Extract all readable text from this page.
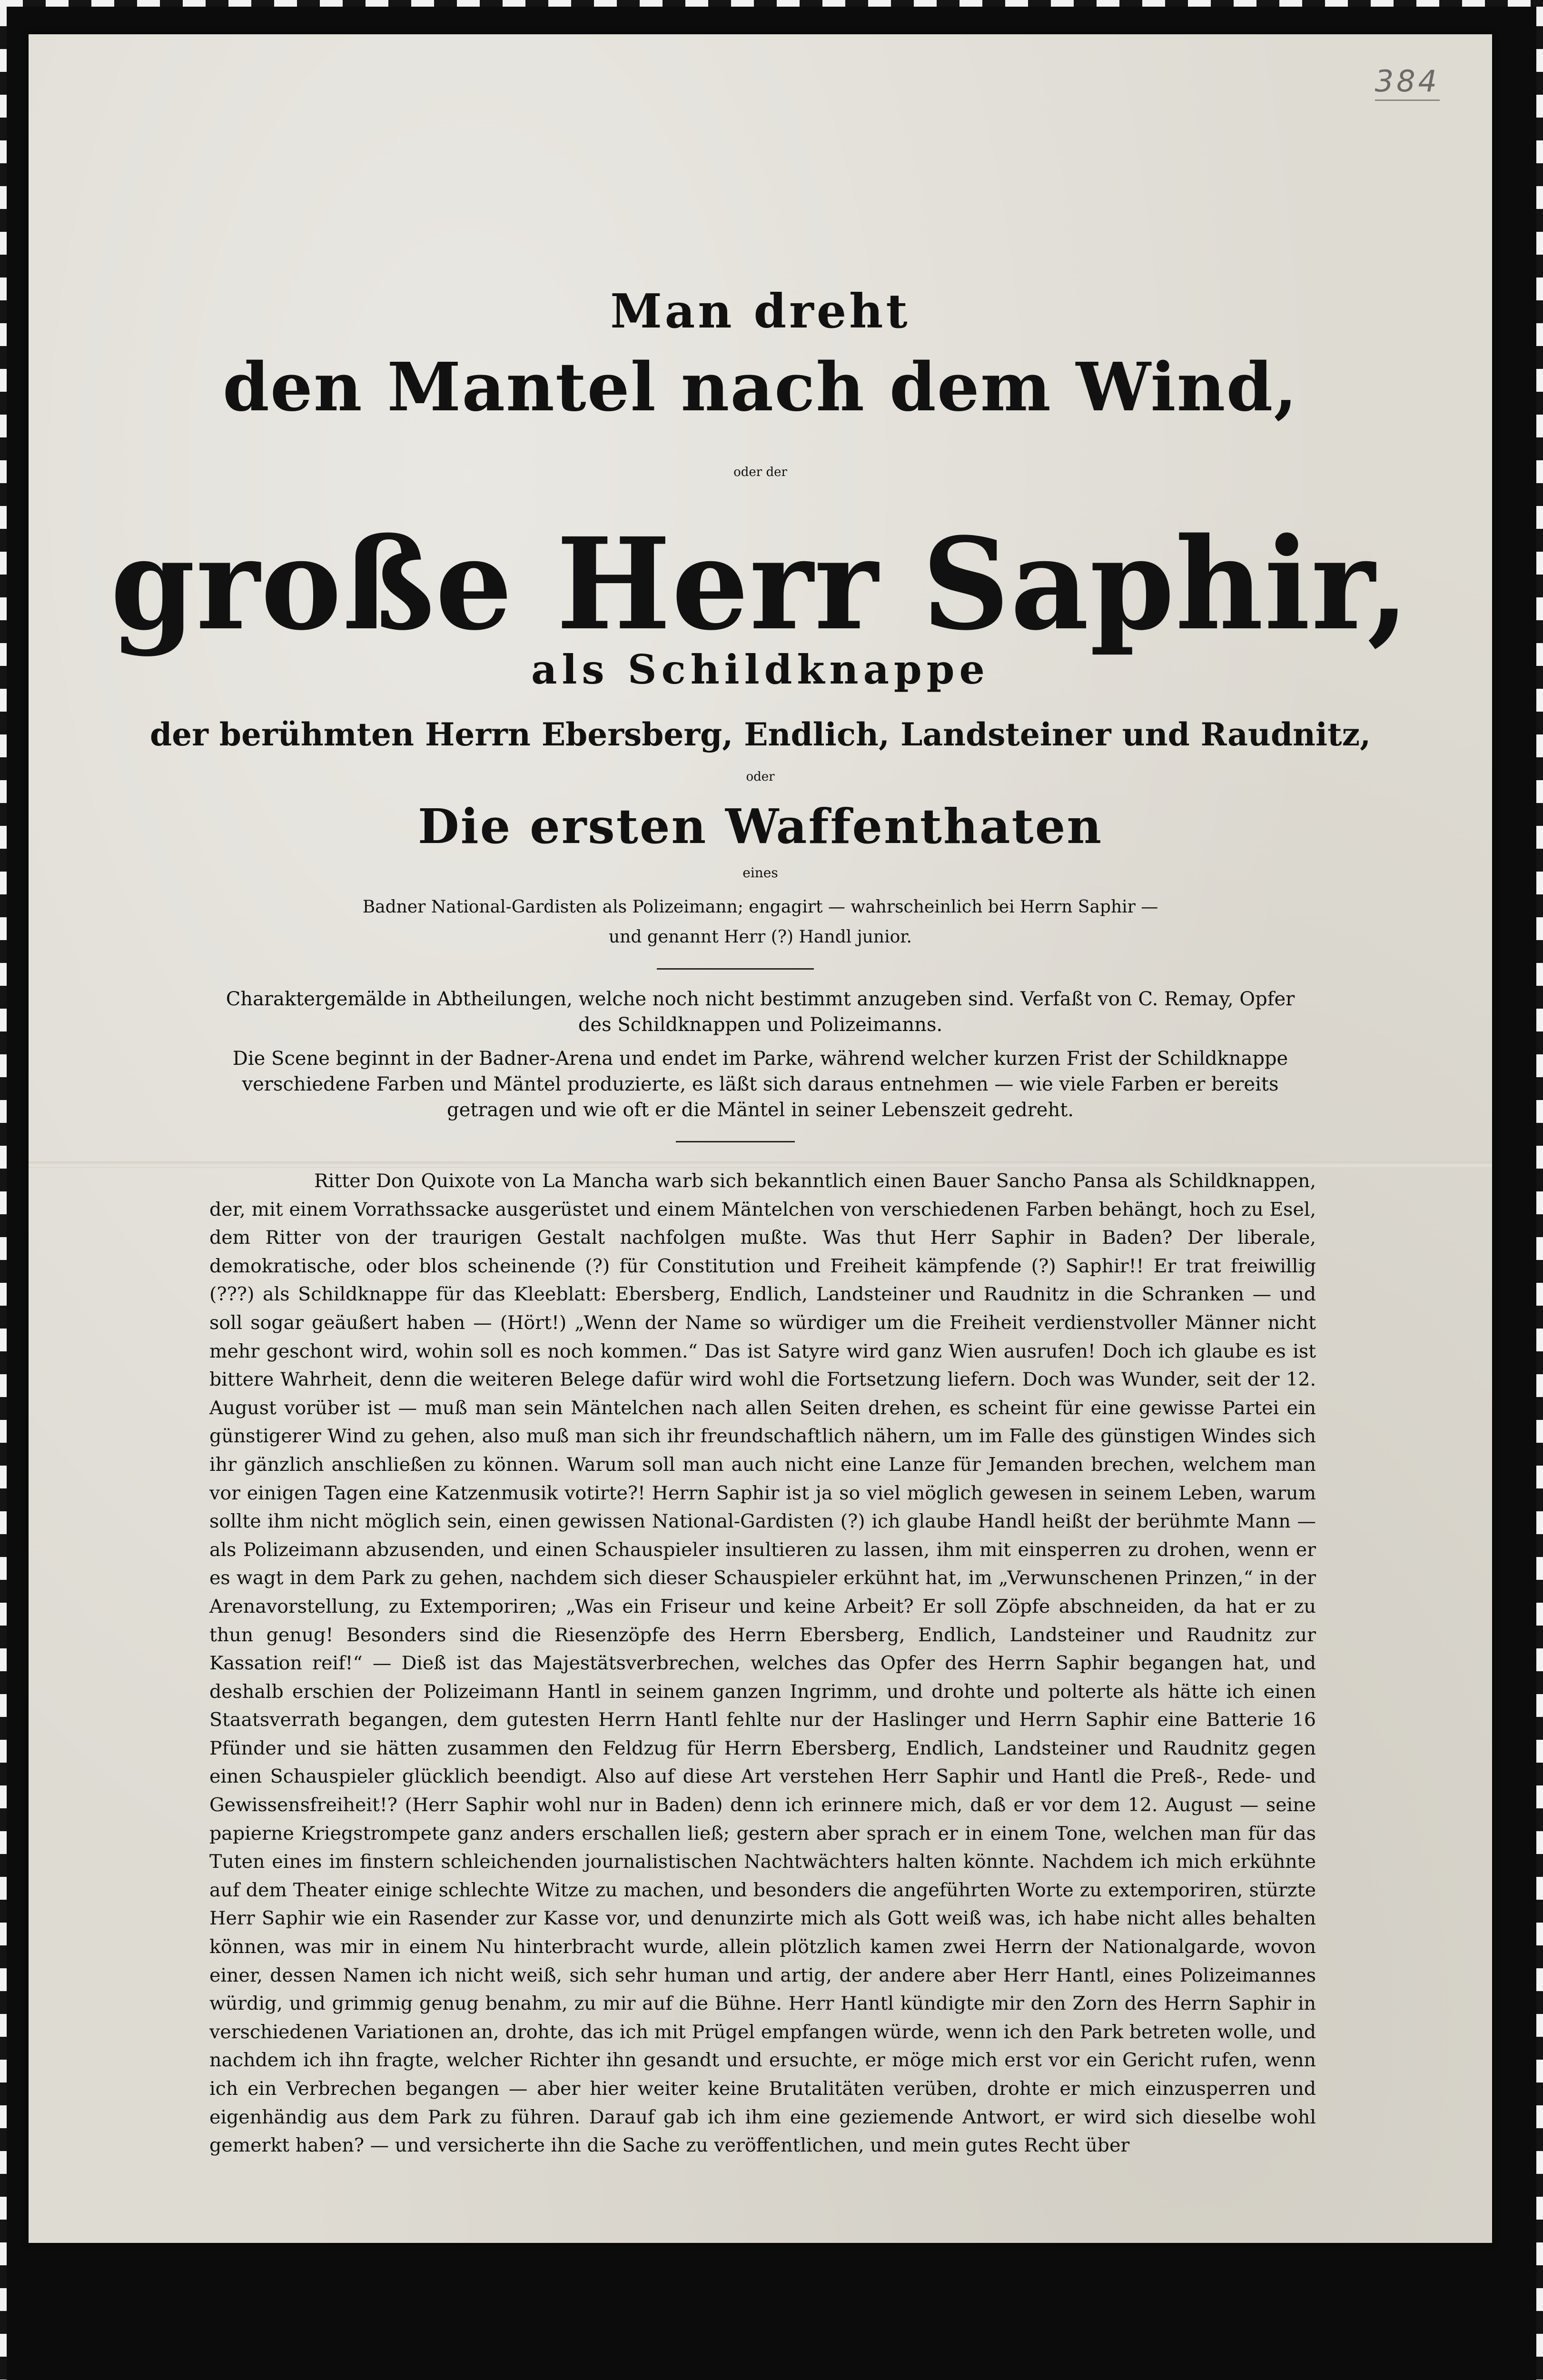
384
Man dreht
den Mantel nach dem Wind,
oder der
große Herr Saphir,
als Schildknappe
der berühmten Herrn Ebersberg, Endlich, Landsteiner und Raudnitz,
oder
Die ersten Waffenthaten
eines
Badner National-Gardisten als Polizeimann; engagirt — wahrscheinlich bei Herrn Saphir —
und genannt Herr (?) Handl junior.
Charaktergemälde in Abtheilungen, welche noch nicht bestimmt anzugeben sind. Verfaßt von C. Remay, Opfer des Schildknappen und Polizeimanns.
Die Scene beginnt in der Badner-Arena und endet im Parke, während welcher kurzen Frist der Schildknappe verschiedene Farben und Mäntel produzierte, es läßt sich daraus entnehmen — wie viele Farben er bereits getragen und wie oft er die Mäntel in seiner Lebenszeit gedreht.

Ritter Don Quixote von La Mancha warb sich bekanntlich einen Bauer Sancho Pansa als Schildknappen, der, mit einem Vorrathssacke ausgerüstet und einem Mäntelchen von verschiedenen Farben behängt, hoch zu Esel, dem Ritter von der traurigen Gestalt nachfolgen mußte. Was thut Herr Saphir in Baden? Der liberale, demokratische, oder blos scheinende (?) für Constitution und Freiheit kämpfende (?) Saphir!! Er trat freiwillig (???) als Schildknappe für das Kleeblatt: Ebersberg, Endlich, Landsteiner und Raudnitz in die Schranken — und soll sogar geäußert haben — (Hört!) „Wenn der Name so würdiger um die Freiheit verdienstvoller Männer nicht mehr geschont wird, wohin soll es noch kommen.“ Das ist Satyre wird ganz Wien ausrufen! Doch ich glaube es ist bittere Wahrheit, denn die weiteren Belege dafür wird wohl die Fortsetzung liefern. Doch was Wunder, seit der 12. August vorüber ist — muß man sein Mäntelchen nach allen Seiten drehen, es scheint für eine gewisse Partei ein günstigerer Wind zu gehen, also muß man sich ihr freundschaftlich nähern, um im Falle des günstigen Windes sich ihr gänzlich anschließen zu können. Warum soll man auch nicht eine Lanze für Jemanden brechen, welchem man vor einigen Tagen eine Katzenmusik votirte?! Herrn Saphir ist ja so viel möglich gewesen in seinem Leben, warum sollte ihm nicht möglich sein, einen gewissen National-Gardisten (?) ich glaube Handl heißt der berühmte Mann — als Polizeimann abzusenden, und einen Schauspieler insultieren zu lassen, ihm mit einsperren zu drohen, wenn er es wagt in dem Park zu gehen, nachdem sich dieser Schauspieler erkühnt hat, im „Verwunschenen Prinzen,“ in der Arenavorstellung, zu Extemporiren; „Was ein Friseur und keine Arbeit? Er soll Zöpfe abschneiden, da hat er zu thun genug! Besonders sind die Riesenzöpfe des Herrn Ebersberg, Endlich, Landsteiner und Raudnitz zur Kassation reif!“ — Dieß ist das Majestätsverbrechen, welches das Opfer des Herrn Saphir begangen hat, und deshalb erschien der Polizeimann Hantl in seinem ganzen Ingrimm, und drohte und polterte als hätte ich einen Staatsverrath begangen, dem gutesten Herrn Hantl fehlte nur der Haslinger und Herrn Saphir eine Batterie 16 Pfünder und sie hätten zusammen den Feldzug für Herrn Ebersberg, Endlich, Landsteiner und Raudnitz gegen einen Schauspieler glücklich beendigt. Also auf diese Art verstehen Herr Saphir und Hantl die Preß-, Rede- und Gewissensfreiheit!? (Herr Saphir wohl nur in Baden) denn ich erinnere mich, daß er vor dem 12. August — seine papierne Kriegstrompete ganz anders erschallen ließ; gestern aber sprach er in einem Tone, welchen man für das Tuten eines im finstern schleichenden journalistischen Nachtwächters halten könnte. Nachdem ich mich erkühnte auf dem Theater einige schlechte Witze zu machen, und besonders die angeführten Worte zu extemporiren, stürzte Herr Saphir wie ein Rasender zur Kasse vor, und denunzirte mich als Gott weiß was, ich habe nicht alles behalten können, was mir in einem Nu hinterbracht wurde, allein plötzlich kamen zwei Herrn der Nationalgarde, wovon einer, dessen Namen ich nicht weiß, sich sehr human und artig, der andere aber Herr Hantl, eines Polizeimannes würdig, und grimmig genug benahm, zu mir auf die Bühne. Herr Hantl kündigte mir den Zorn des Herrn Saphir in verschiedenen Variationen an, drohte, das ich mit Prügel empfangen würde, wenn ich den Park betreten wolle, und nachdem ich ihn fragte, welcher Richter ihn gesandt und ersuchte, er möge mich erst vor ein Gericht rufen, wenn ich ein Verbrechen begangen — aber hier weiter keine Brutalitäten verüben, drohte er mich einzusperren und eigenhändig aus dem Park zu führen. Darauf gab ich ihm eine geziemende Antwort, er wird sich dieselbe wohl gemerkt haben? — und versicherte ihn die Sache zu veröffentlichen, und mein gutes Recht über
